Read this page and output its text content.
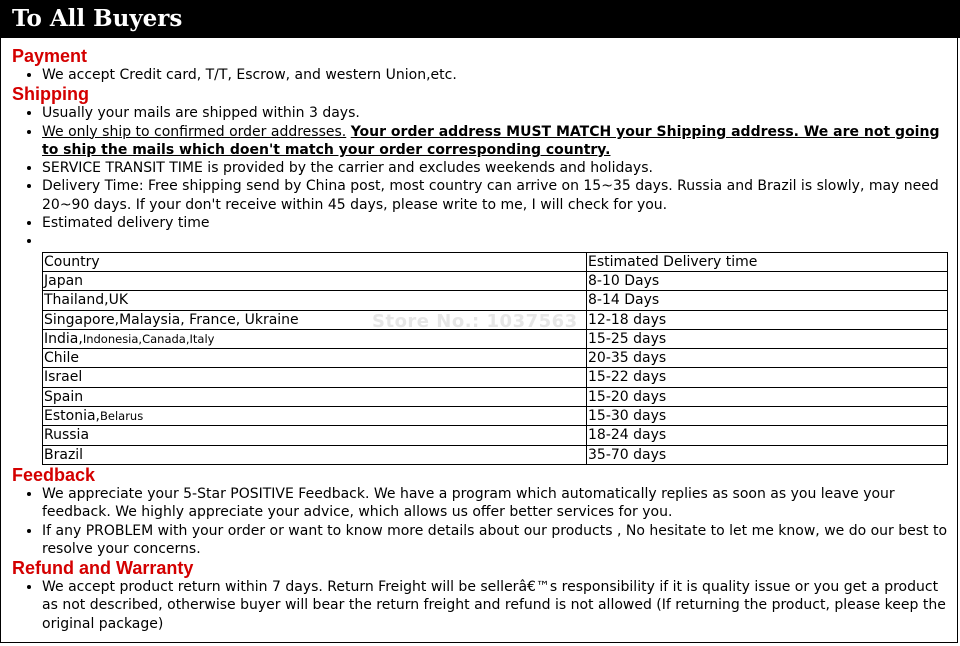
To All Buyers
Payment
• We accept Credit card, T/T, Escrow, and western Union,etc.
Shipping
• Usually your mails are shipped within 3 days.
• We only ship to confirmed order addresses. Your order address MUST MATCH your Shipping address. We are not going to ship the mails which doen't match your order corresponding country.
• SERVICE TRANSIT TIME is provided by the carrier and excludes weekends and holidays.
• Delivery Time: Free shipping send by China post, most country can arrive on 15~35 days. Russia and Brazil is slowly, may need 20~90 days. If your don't receive within 45 days, please write to me, I will check for you.
• Estimated delivery time
•
Country	Estimated Delivery time
Japan	8-10 Days
Thailand,UK	8-14 Days
Singapore,Malaysia, France, Ukraine	12-18 days
India,Indonesia,Canada,Italy	15-25 days
Chile	20-35 days
Israel	15-22 days
Spain	15-20 days
Estonia,Belarus	15-30 days
Russia	18-24 days
Brazil	35-70 days
Feedback
• We appreciate your 5-Star POSITIVE Feedback. We have a program which automatically replies as soon as you leave your feedback. We highly appreciate your advice, which allows us offer better services for you.
• If any PROBLEM with your order or want to know more details about our products , No hesitate to let me know, we do our best to resolve your concerns.
Refund and Warranty
• We accept product return within 7 days. Return Freight will be sellerâ€™s responsibility if it is quality issue or you get a product as not described, otherwise buyer will bear the return freight and refund is not allowed (If returning the product, please keep the original package)
Store No.: 1037563
